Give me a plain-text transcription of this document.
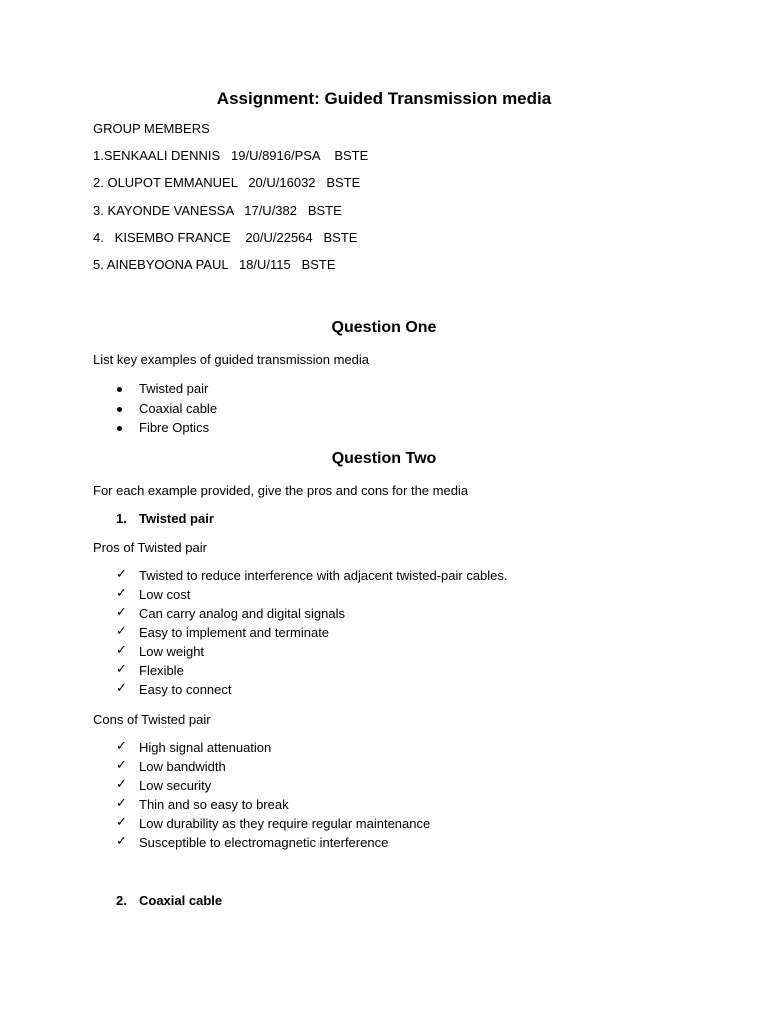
Assignment: Guided Transmission media
GROUP MEMBERS
1.SENKAALI DENNIS   19/U/8916/PSA    BSTE
2. OLUPOT EMMANUEL   20/U/16032   BSTE
3. KAYONDE VANESSA   17/U/382   BSTE
4.   KISEMBO FRANCE    20/U/22564   BSTE
5. AINEBYOONA PAUL   18/U/115   BSTE
Question One
List key examples of guided transmission media
Twisted pair
Coaxial cable
Fibre Optics
Question Two
For each example provided, give the pros and cons for the media
1. Twisted pair
Pros of Twisted pair
✓ Twisted to reduce interference with adjacent twisted-pair cables.
✓ Low cost
✓ Can carry analog and digital signals
✓ Easy to implement and terminate
✓ Low weight
✓ Flexible
✓ Easy to connect
Cons of Twisted pair
✓ High signal attenuation
✓ Low bandwidth
✓ Low security
✓ Thin and so easy to break
✓ Low durability as they require regular maintenance
✓ Susceptible to electromagnetic interference
2. Coaxial cable
